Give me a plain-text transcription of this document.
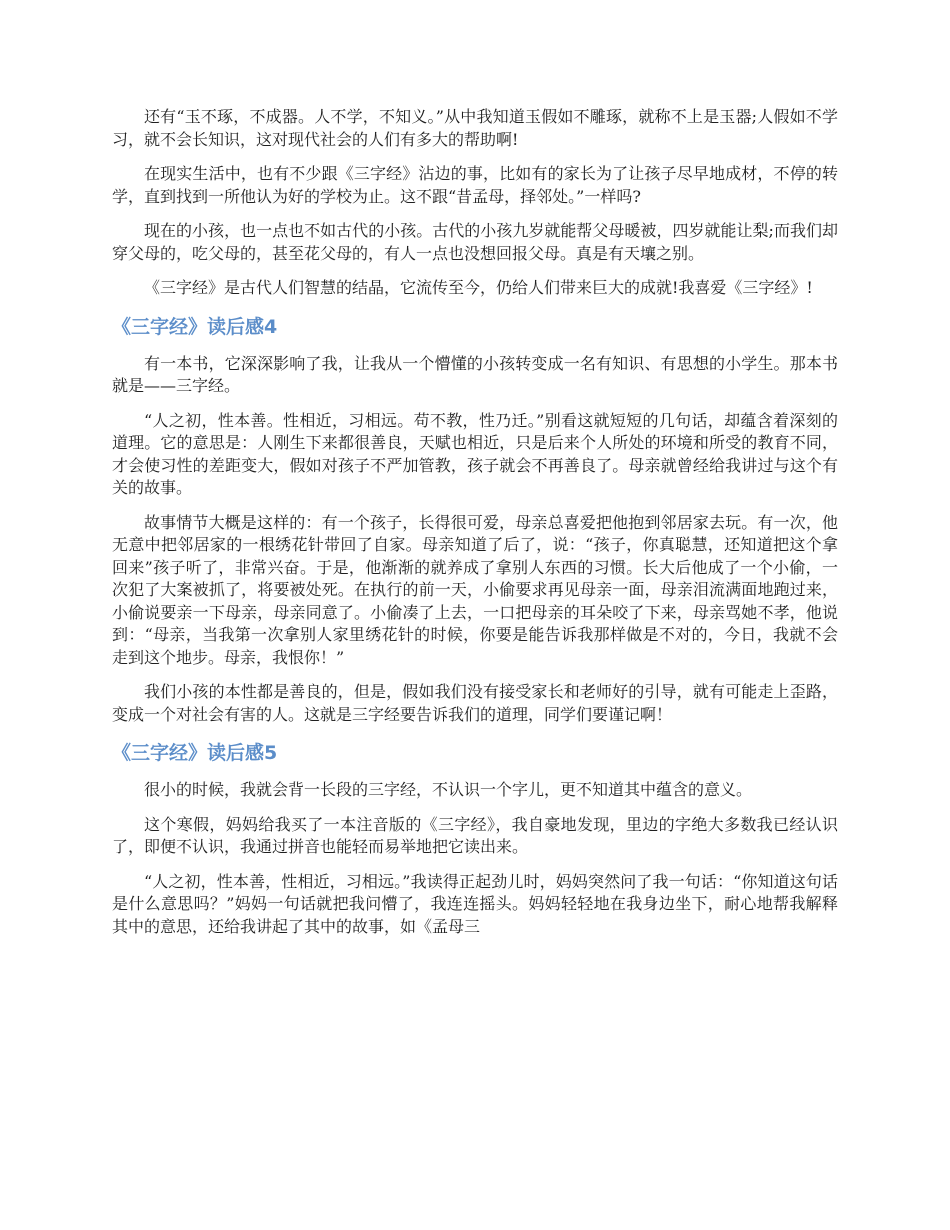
还有“玉不琢，不成器。人不学，不知义。”从中我知道玉假如不雕琢，就称不上是玉器;人假如不学习，就不会长知识，这对现代社会的人们有多大的帮助啊!

在现实生活中，也有不少跟《三字经》沾边的事，比如有的家长为了让孩子尽早地成材，不停的转学，直到找到一所他认为好的学校为止。这不跟“昔孟母，择邻处。”一样吗?

现在的小孩，也一点也不如古代的小孩。古代的小孩九岁就能帮父母暖被，四岁就能让梨;而我们却穿父母的，吃父母的，甚至花父母的，有人一点也没想回报父母。真是有天壤之别。

《三字经》是古代人们智慧的结晶，它流传至今，仍给人们带来巨大的成就!我喜爱《三字经》!

《三字经》读后感4

有一本书，它深深影响了我，让我从一个懵懂的小孩转变成一名有知识、有思想的小学生。那本书就是——三字经。

“人之初，性本善。性相近，习相远。苟不教，性乃迁。”别看这就短短的几句话，却蕴含着深刻的道理。它的意思是：人刚生下来都很善良，天赋也相近，只是后来个人所处的环境和所受的教育不同，才会使习性的差距变大，假如对孩子不严加管教，孩子就会不再善良了。母亲就曾经给我讲过与这个有关的故事。

故事情节大概是这样的：有一个孩子，长得很可爱，母亲总喜爱把他抱到邻居家去玩。有一次，他无意中把邻居家的一根绣花针带回了自家。母亲知道了后了，说：“孩子，你真聪慧，还知道把这个拿回来”孩子听了，非常兴奋。于是，他渐渐的就养成了拿别人东西的习惯。长大后他成了一个小偷，一次犯了大案被抓了，将要被处死。在执行的前一天，小偷要求再见母亲一面，母亲泪流满面地跑过来，小偷说要亲一下母亲，母亲同意了。小偷凑了上去，一口把母亲的耳朵咬了下来，母亲骂她不孝，他说到：“母亲，当我第一次拿别人家里绣花针的时候，你要是能告诉我那样做是不对的，今日，我就不会走到这个地步。母亲，我恨你！”

我们小孩的本性都是善良的，但是，假如我们没有接受家长和老师好的引导，就有可能走上歪路，变成一个对社会有害的人。这就是三字经要告诉我们的道理，同学们要谨记啊！

《三字经》读后感5

很小的时候，我就会背一长段的三字经，不认识一个字儿，更不知道其中蕴含的意义。

这个寒假，妈妈给我买了一本注音版的《三字经》，我自豪地发现，里边的字绝大多数我已经认识了，即便不认识，我通过拼音也能轻而易举地把它读出来。

“人之初，性本善，性相近，习相远。”我读得正起劲儿时，妈妈突然问了我一句话：“你知道这句话是什么意思吗？”妈妈一句话就把我问懵了，我连连摇头。妈妈轻轻地在我身边坐下，耐心地帮我解释其中的意思，还给我讲起了其中的故事，如《孟母三
